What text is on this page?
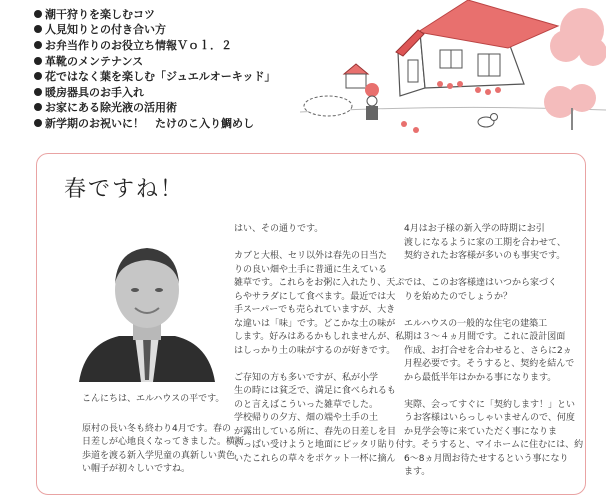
潮干狩りを楽しむコツ
人見知りとの付き合い方
お弁当作りのお役立ち情報Ｖｏｌ．２
革靴のメンテナンス
花ではなく葉を楽しむ「ジュエルオーキッド」
暖房器具のお手入れ
お家にある除光液の活用術
新学期のお祝いに！　たけのこ入り鯛めし
春ですね！
こんにちは、エルハウスの平です。

原村の長い冬も終わり4月です。春の

日差しが心地良くなってきました。横断

歩道を渡る新入学児童の真新しい黄色

い帽子が初々しいですね。

はい、その通りです。

カブと大根、セリ以外は春先の日当た

りの良い畑や土手に普通に生えている

雑草です。これらをお粥に入れたり、天ぷ

らやサラダにして食べます。最近では大

手スーパーでも売られていますが、大き

な違いは「味」です。どこかな土の味が

します。好みはあるかもしれませんが、私

はしっかり土の味がするのが好きです。

ご存知の方も多いですが、私が小学

生の時には貧乏で、満足に食べられるも

のと言えばこういった雑草でした。

学校帰りの夕方、畑の端や土手の土

が露出している所に、春先の日差しを目

いっぱい受けようと地面にピッタリ貼り付

いたこれらの草々をポケット一杯に摘ん

4月はお子様の新入学の時期にお引

渡しになるように家の工期を合わせて、

契約されたお客様が多いのも事実です。

では、このお客様達はいつから家づく

りを始めたのでしょうか？

エルハウスの一般的な住宅の建築工

期は３～４ヵ月間です。これに設計図面

作成、お打合せを合わせると、さらに2ヵ

月程必要です。そうすると、契約を結んで

から最低半年はかかる事になります。

実際、会ってすぐに「契約します！」とい

うお客様はいらっしゃいませんので、何度

か見学会等に来ていただく事になりま

す。そうすると、マイホームに住むには、約

6～8ヵ月間お待たせするという事になり

ます。
